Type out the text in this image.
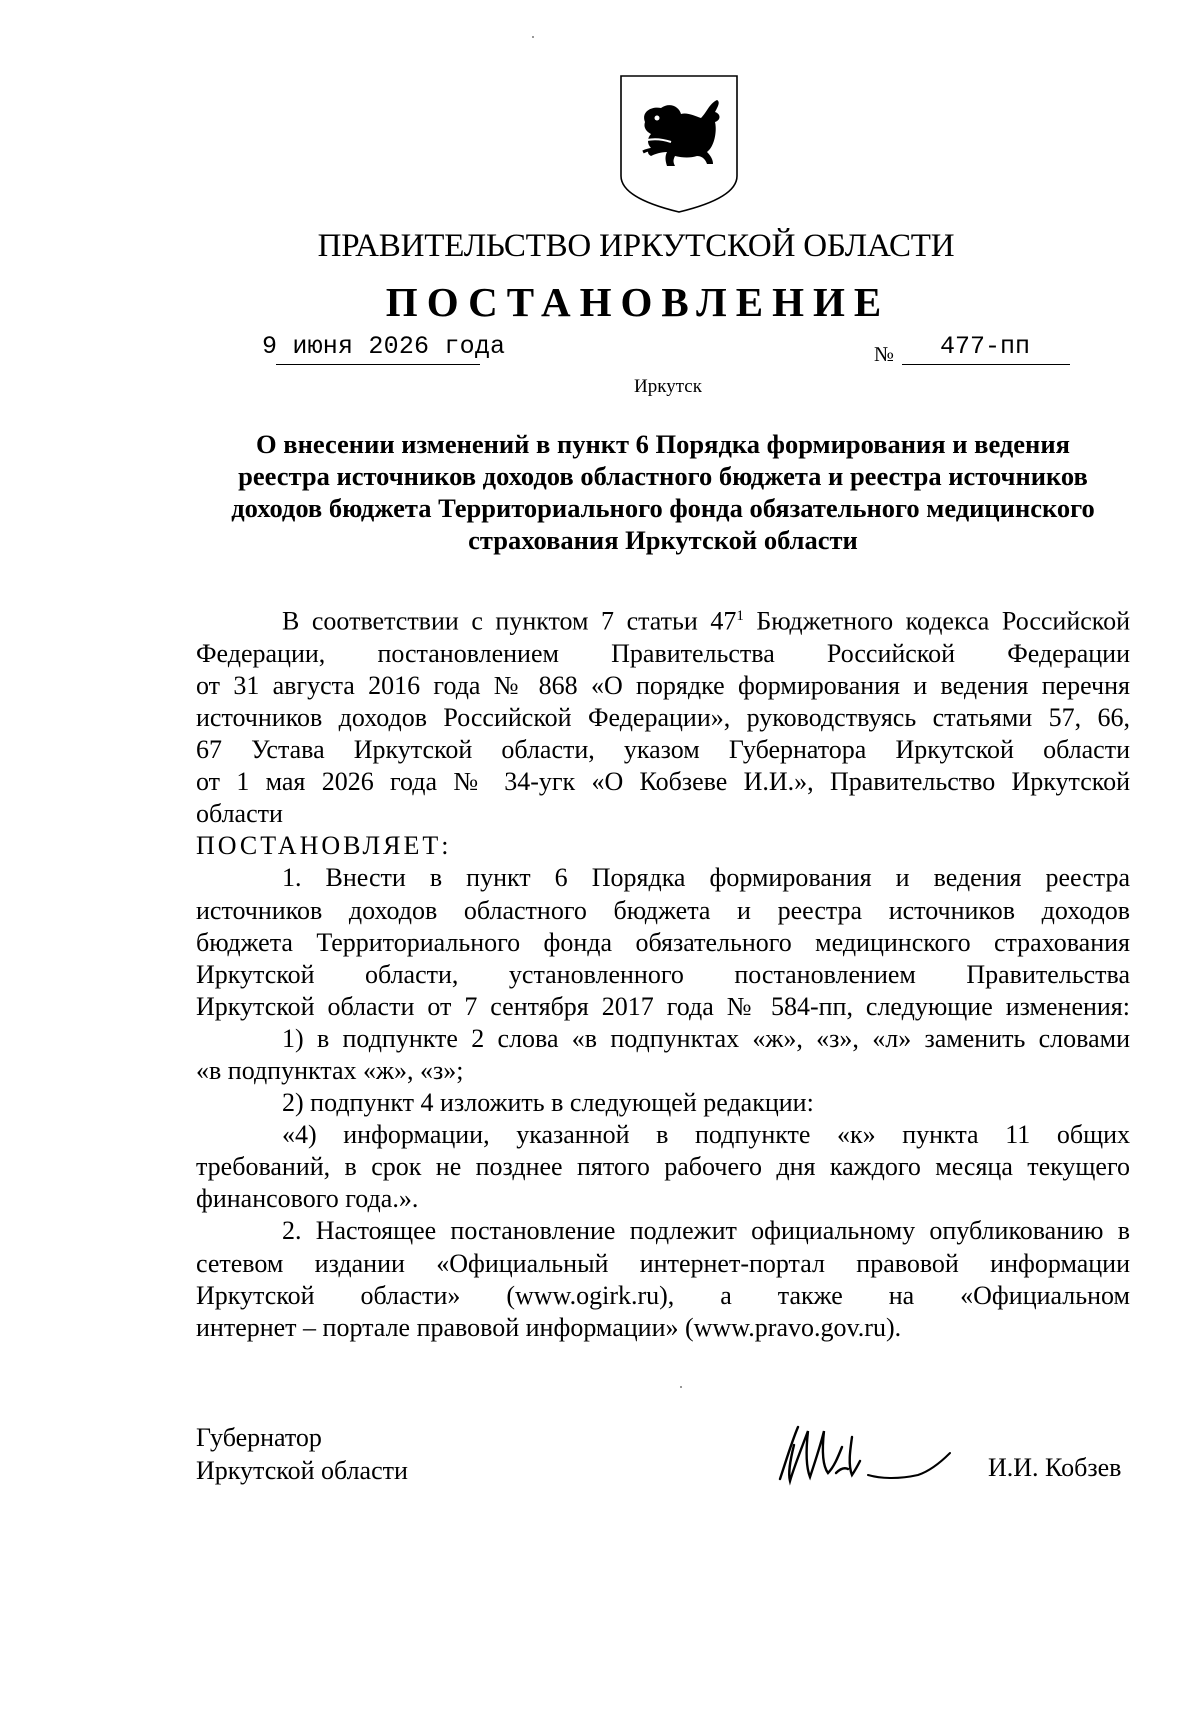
ПРАВИТЕЛЬСТВО ИРКУТСКОЙ ОБЛАСТИ
ПОСТАНОВЛЕНИЕ
9 июня 2026 года	№ 477-пп
Иркутск
О внесении изменений в пункт 6 Порядка формирования и ведения
реестра источников доходов областного бюджета и реестра источников
доходов бюджета Территориального фонда обязательного медицинского
страхования Иркутской области

В соответствии с пунктом 7 статьи $47^1$ Бюджетного кодекса Российской

Федерации, постановлением Правительства Российской Федерации

от 31 августа 2016 года № 868 «О порядке формирования и ведения перечня

источников доходов Российской Федерации», руководствуясь статьями 57, 66,

67 Устава Иркутской области, указом Губернатора Иркутской области

от 1 мая 2026 года № 34-угк «О Кобзеве И.И.», Правительство Иркутской

области

ПОСТАНОВЛЯЕТ:

1. Внести в пункт 6 Порядка формирования и ведения реестра

источников доходов областного бюджета и реестра источников доходов

бюджета Территориального фонда обязательного медицинского страхования

Иркутской области, установленного постановлением Правительства

Иркутской области от 7 сентября 2017 года № 584-пп, следующие изменения:

1) в подпункте 2 слова «в подпунктах «ж», «з», «л» заменить словами

«в подпунктах «ж», «з»;

2) подпункт 4 изложить в следующей редакции:

«4) информации, указанной в подпункте «к» пункта 11 общих

требований, в срок не позднее пятого рабочего дня каждого месяца текущего

финансового года.».

2. Настоящее постановление подлежит официальному опубликованию в

сетевом издании «Официальный интернет-портал правовой информации

Иркутской области» (www.ogirk.ru), а также на «Официальном

интернет – портале правовой информации» (www.pravo.gov.ru).

Губернатор
Иркутской области	И.И. Кобзев
